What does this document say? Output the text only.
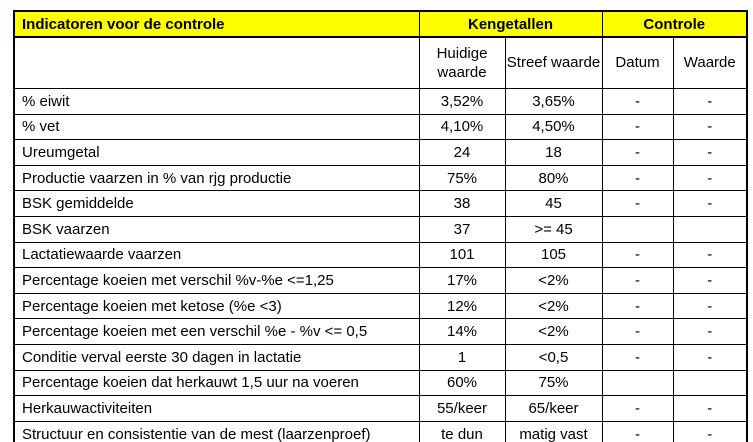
Indicatoren voor de controle	Kengetallen		Controle	
	Huidige waarde	Streef waarde	Datum	Waarde
% eiwit	3,52%	3,65%	-	-
% vet	4,10%	4,50%	-	-
Ureumgetal	24	18	-	-
Productie vaarzen in % van rjg productie	75%	80%	-	-
BSK gemiddelde	38	45	-	-
BSK vaarzen	37	>= 45		
Lactatiewaarde vaarzen	101	105	-	-
Percentage koeien met verschil %v-%e <=1,25	17%	<2%	-	-
Percentage koeien met ketose (%e <3)	12%	<2%	-	-
Percentage koeien met een verschil %e - %v <= 0,5	14%	<2%	-	-
Conditie verval eerste 30 dagen in lactatie	1	<0,5	-	-
Percentage koeien dat herkauwt 1,5 uur na voeren	60%	75%		
Herkauwactiviteiten	55/keer	65/keer	-	-
Structuur en consistentie van de mest (laarzenproef)	te dun	matig vast	-	-
